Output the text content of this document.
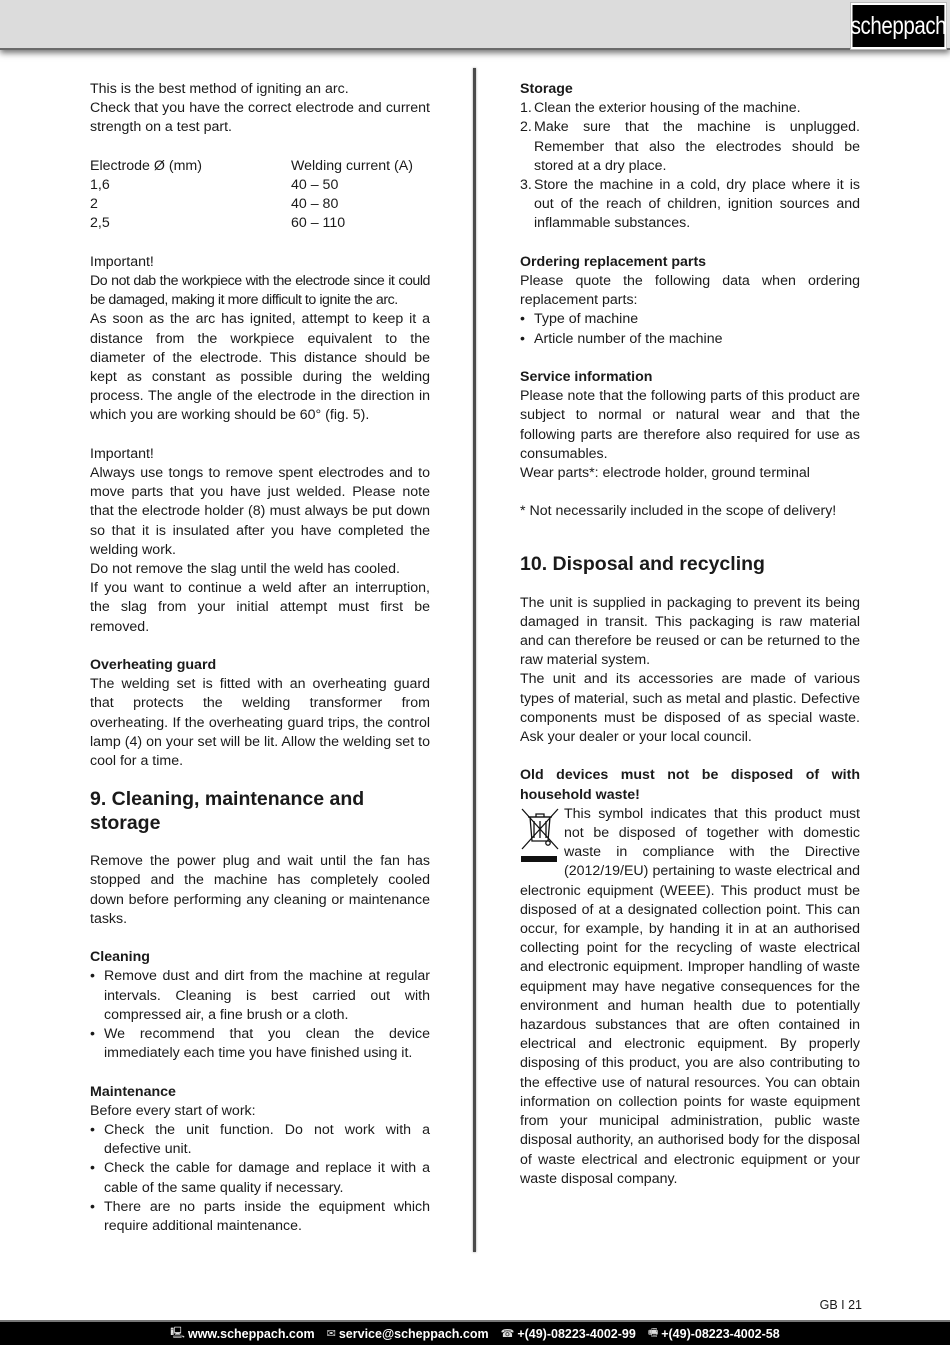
scheppach

This is the best method of igniting an arc.

Check that you have the correct electrode and current strength on a test part.

Electrode Ø (mm)	Welding current (A)
1,6	40 – 50
2	40 – 80
2,5	60 – 110

Important!

Do not dab the workpiece with the electrode since it could be damaged, making it more difficult to ignite the arc.

As soon as the arc has ignited, attempt to keep it a distance from the workpiece equivalent to the diameter of the electrode. This distance should be kept as constant as possible during the welding process. The angle of the electrode in the direction in which you are working should be 60° (fig. 5).

Important!

Always use tongs to remove spent electrodes and to move parts that you have just welded. Please note that the electrode holder (8) must always be put down so that it is insulated after you have completed the welding work.

Do not remove the slag until the weld has cooled.

If you want to continue a weld after an interruption, the slag from your initial attempt must first be removed.

Overheating guard

The welding set is fitted with an overheating guard that protects the welding transformer from overheating. If the overheating guard trips, the control lamp (4) on your set will be lit. Allow the welding set to cool for a time.

9. Cleaning, maintenance and storage

Remove the power plug and wait until the fan has stopped and the machine has completely cooled down before performing any cleaning or maintenance tasks.

Cleaning

• Remove dust and dirt from the machine at regular intervals. Cleaning is best carried out with compressed air, a fine brush or a cloth.
• We recommend that you clean the device immediately each time you have finished using it.

Maintenance

Before every start of work:

• Check the unit function. Do not work with a defective unit.
• Check the cable for damage and replace it with a cable of the same quality if necessary.
• There are no parts inside the equipment which require additional maintenance.

Storage

1. Clean the exterior housing of the machine.
2. Make sure that the machine is unplugged. Remember that also the electrodes should be stored at a dry place.
3. Store the machine in a cold, dry place where it is out of the reach of children, ignition sources and inflammable substances.

Ordering replacement parts

Please quote the following data when ordering replacement parts:

• Type of machine
• Article number of the machine

Service information

Please note that the following parts of this product are subject to normal or natural wear and that the following parts are therefore also required for use as consumables.

Wear parts*: electrode holder, ground terminal

* Not necessarily included in the scope of delivery!

10. Disposal and recycling

The unit is supplied in packaging to prevent its being damaged in transit. This packaging is raw material and can therefore be reused or can be returned to the raw material system.

The unit and its accessories are made of various types of material, such as metal and plastic. Defective components must be disposed of as special waste. Ask your dealer or your local council.

Old devices must not be disposed of with household waste!

This symbol indicates that this product must not be disposed of together with domestic waste in compliance with the Directive (2012/19/EU) pertaining to waste electrical and electronic equipment (WEEE). This product must be disposed of at a designated collection point. This can occur, for example, by handing it in at an authorised collecting point for the recycling of waste electrical and electronic equipment. Improper handling of waste equipment may have negative consequences for the environment and human health due to potentially hazardous substances that are often contained in electrical and electronic equipment. By properly disposing of this product, you are also contributing to the effective use of natural resources. You can obtain information on collection points for waste equipment from your municipal administration, public waste disposal authority, an authorised body for the disposal of waste electrical and electronic equipment or your waste disposal company.

GB I 21
🖳 www.scheppach.com ✉ service@scheppach.com ☎ +(49)-08223-4002-99 🖷 +(49)-08223-4002-58
